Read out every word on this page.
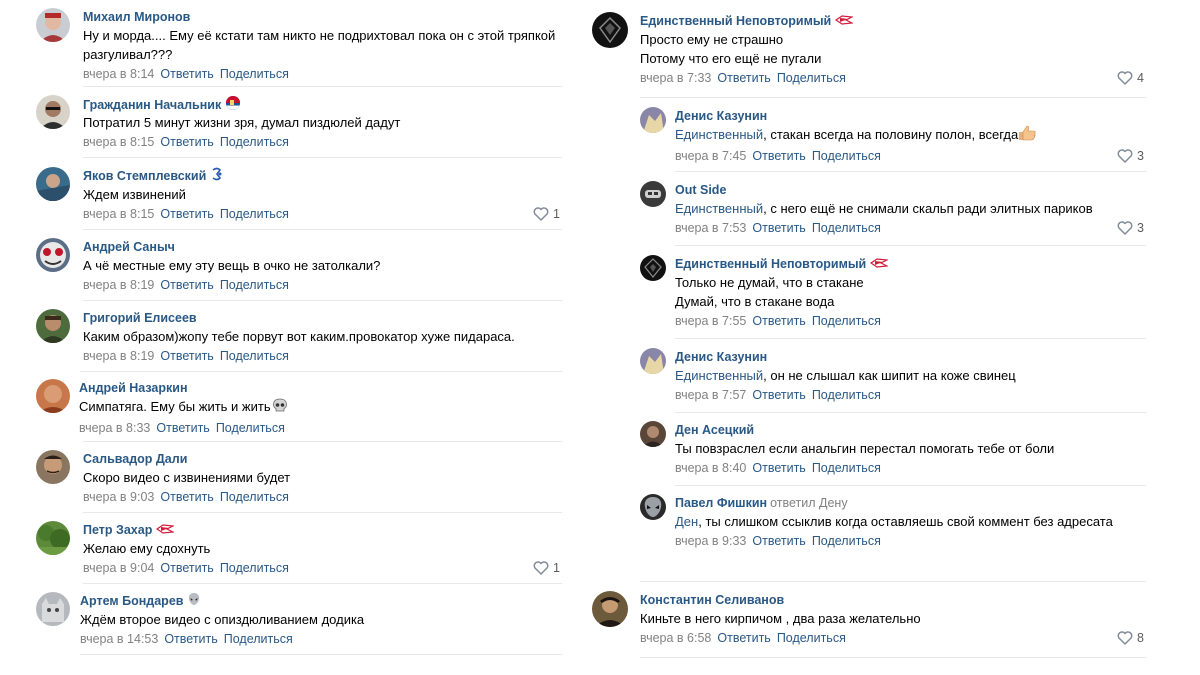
Михаил Миронов
Ну и морда.... Ему её кстати там никто не подрихтовал пока он с этой тряпкой разгуливал???
вчера в 8:14 Ответить Поделиться
Гражданин Начальник
Потратил 5 минут жизни зря, думал пиздюлей дадут
вчера в 8:15 Ответить Поделиться
Яков Стемплевский
Ждем извинений
вчера в 8:15 Ответить Поделиться	1
Андрей Саныч
А чё местные ему эту вещь в очко не затолкали?
вчера в 8:19 Ответить Поделиться
Григорий Елисеев
Каким образом)жопу тебе порвут вот каким.провокатор хуже пидараса.
вчера в 8:19 Ответить Поделиться
Андрей Назаркин
Симпатяга. Ему бы жить и жить
вчера в 8:33 Ответить Поделиться
Сальвадор Дали
Скоро видео с извинениями будет
вчера в 9:03 Ответить Поделиться
Петр Захар
Желаю ему сдохнуть
вчера в 9:04 Ответить Поделиться	1
Артем Бондарев
Ждём второе видео с опиздюливанием додика
вчера в 14:53 Ответить Поделиться
Единственный Неповторимый
Просто ему не страшно
Потому что его ещё не пугали
вчера в 7:33 Ответить Поделиться	4
Денис Казунин
Единственный, стакан всегда на половину полон, всегда
вчера в 7:45 Ответить Поделиться	3
Out Side
Единственный, с него ещё не снимали скальп ради элитных париков
вчера в 7:53 Ответить Поделиться	3
Единственный Неповторимый
Только не думай, что в стакане
Думай, что в стакане вода
вчера в 7:55 Ответить Поделиться
Денис Казунин
Единственный, он не слышал как шипит на коже свинец
вчера в 7:57 Ответить Поделиться
Ден Асецкий
Ты повзраслел если анальгин перестал помогать тебе от боли
вчера в 8:40 Ответить Поделиться
Павел Фишкин ответил Дену
Ден, ты слишком ссыклив когда оставляешь свой коммент без адресата
вчера в 9:33 Ответить Поделиться
Константин Селиванов
Киньте в него кирпичом , два раза желательно
вчера в 6:58 Ответить Поделиться	8
